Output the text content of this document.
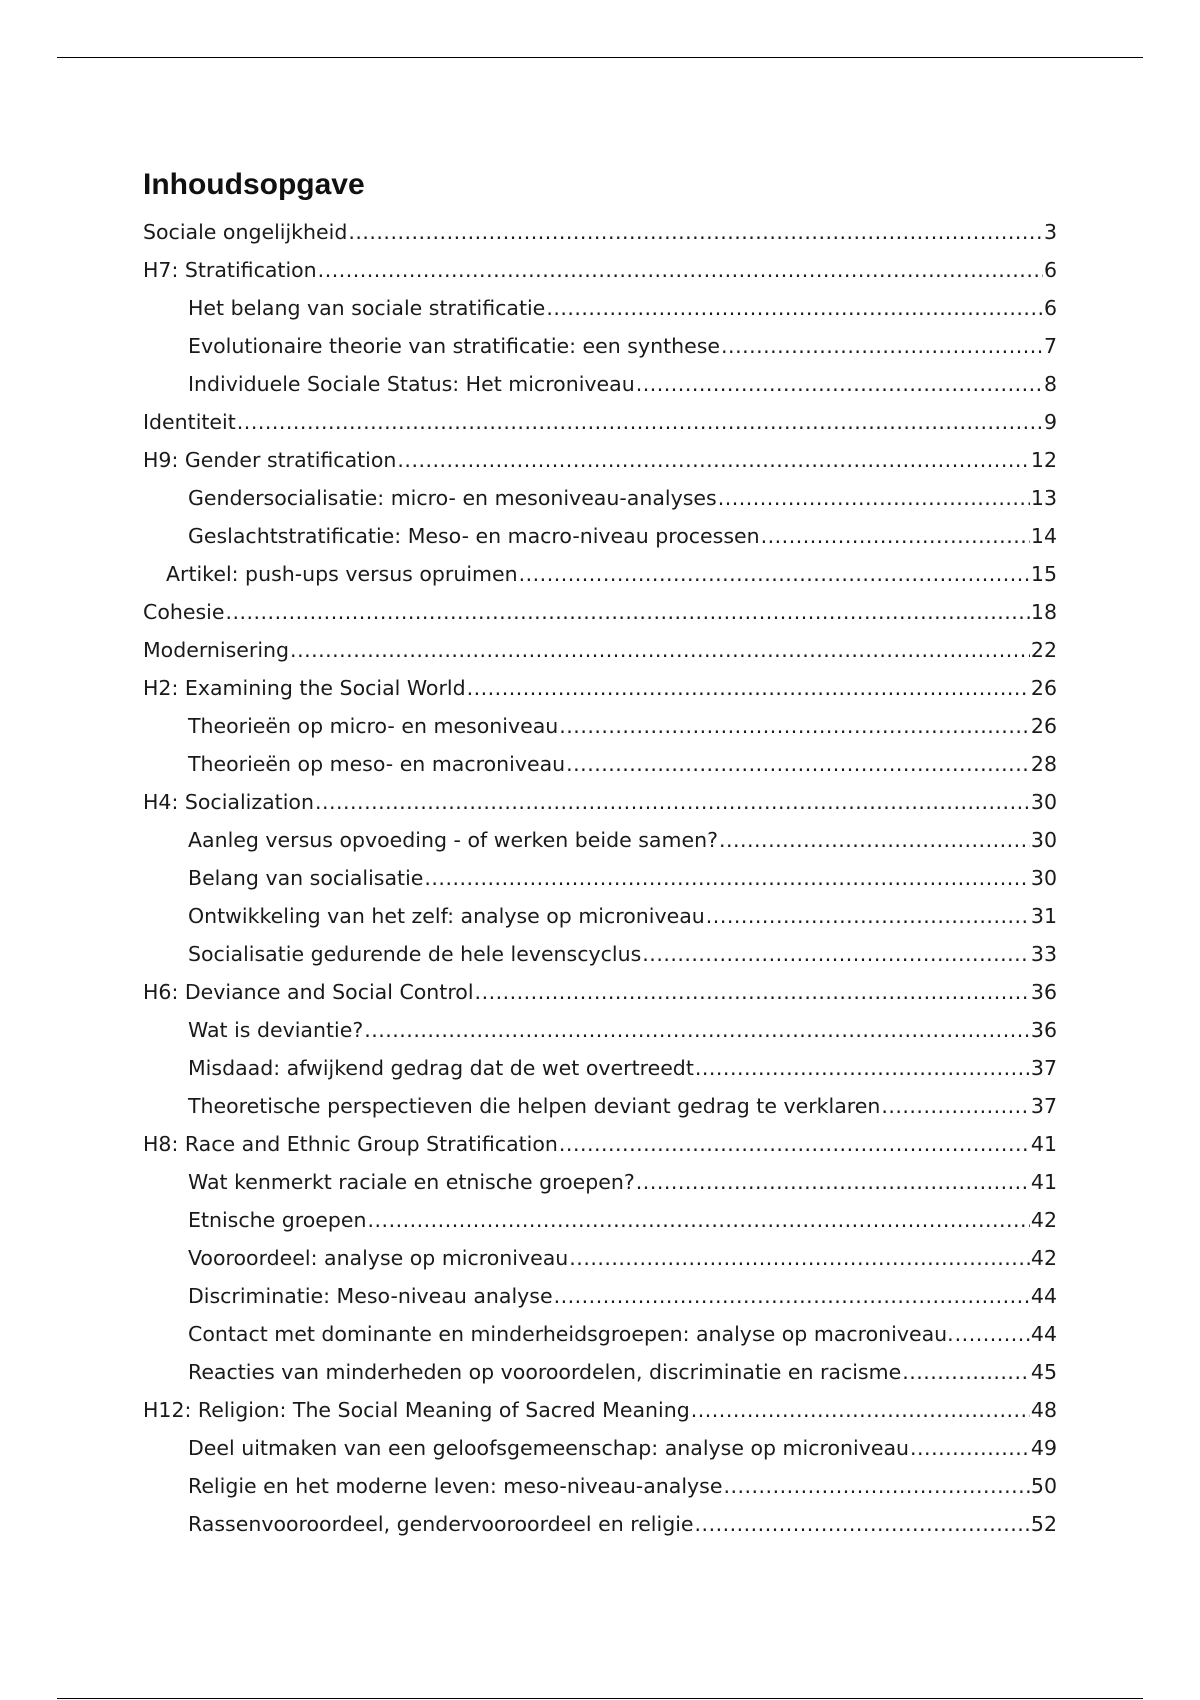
Inhoudsopgave
Sociale ongelijkheid .....	3
H7: Stratification .....	6
Het belang van sociale stratificatie .....	6
Evolutionaire theorie van stratificatie: een synthese .....	7
Individuele Sociale Status: Het microniveau .....	8
Identiteit .....	9
H9: Gender stratification .....	12
Gendersocialisatie: micro- en mesoniveau-analyses .....	13
Geslachtstratificatie: Meso- en macro-niveau processen .....	14
Artikel: push-ups versus opruimen .....	15
Cohesie .....	18
Modernisering .....	22
H2: Examining the Social World .....	26
Theorieën op micro- en mesoniveau .....	26
Theorieën op meso- en macroniveau .....	28
H4: Socialization .....	30
Aanleg versus opvoeding - of werken beide samen? .....	30
Belang van socialisatie .....	30
Ontwikkeling van het zelf: analyse op microniveau .....	31
Socialisatie gedurende de hele levenscyclus .....	33
H6: Deviance and Social Control .....	36
Wat is deviantie? .....	36
Misdaad: afwijkend gedrag dat de wet overtreedt .....	37
Theoretische perspectieven die helpen deviant gedrag te verklaren .....	37
H8: Race and Ethnic Group Stratification .....	41
Wat kenmerkt raciale en etnische groepen? .....	41
Etnische groepen .....	42
Vooroordeel: analyse op microniveau .....	42
Discriminatie: Meso-niveau analyse .....	44
Contact met dominante en minderheidsgroepen: analyse op macroniveau. .....	44
Reacties van minderheden op vooroordelen, discriminatie en racisme .....	45
H12: Religion: The Social Meaning of Sacred Meaning .....	48
Deel uitmaken van een geloofsgemeenschap: analyse op microniveau .....	49
Religie en het moderne leven: meso-niveau-analyse .....	50
Rassenvooroordeel, gendervooroordeel en religie .....	52
